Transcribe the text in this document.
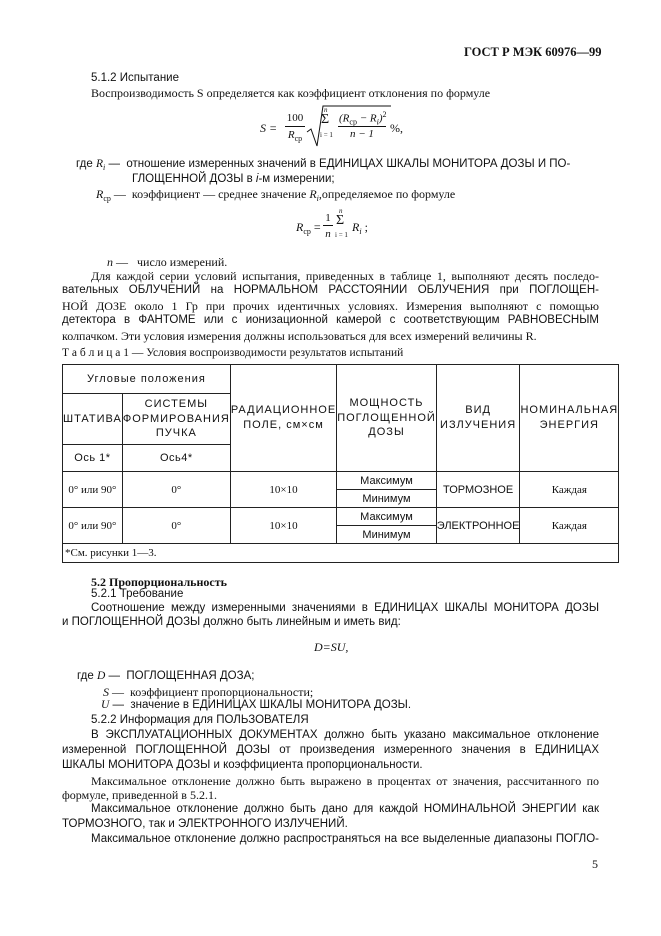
ГОСТ Р МЭК 60976—99
5.1.2 Испытание
Воспроизводимость S определяется как коэффициент отклонения по формуле
S =
100
$R_{ср}$
n
Σ
i = 1
$(R_{ср} - R_i)^2$
n − 1 %,
где $R_i$ —  отношение измеренных значений в ЕДИНИЦАХ ШКАЛЫ МОНИТОРА ДОЗЫ И ПО-
ГЛОЩЕННОЙ ДОЗЫ в i-м измерении;
$R_{ср}$ —  коэффициент — среднее значение $R_i,определяемое$ по формуле
$R_{ср}$ =
1
n
n
Σ
i = 1
$R_i$ ;
n —   число измерений.
Для каждой серии условий испытания, приведенных в таблице 1, выполняют десять последо-
вательных ОБЛУЧЕНИЙ на НОРМАЛЬНОМ РАССТОЯНИИ ОБЛУЧЕНИЯ при ПОГЛОЩЕН-
НОЙ ДОЗЕ около 1 Гр при прочих идентичных условиях. Измерения выполняют с помощью
детектора в ФАНТОМЕ или с ионизационной камерой с соответствующим РАВНОВЕСНЫМ
колпачком. Эти условия измерения должны использоваться для всех измерений величины R.
Т а б л и ц а 1 — Условия воспроизводимости результатов испытаний
Угловые положения		РАДИАЦИОННОЕ ПОЛЕ, см×см	МОЩНОСТЬ ПОГЛОЩЕННОЙ ДОЗЫ	ВИД ИЗЛУЧЕНИЯ	НОМИНАЛЬНАЯ ЭНЕРГИЯ
ШТАТИВА	СИСТЕМЫ ФОРМИРОВАНИЯ ПУЧКА				
Ось 1*	Ось4*				
0° или 90°	0°	10×10	Максимум	ТОРМОЗНОЕ	Каждая
			Минимум		
0° или 90°	0°	10×10	Максимум	ЭЛЕКТРОННОЕ	Каждая
			Минимум		
*См. рисунки 1—3.					
5.2 Пропорциональность
5.2.1 Требование
Соотношение между измеренными значениями в ЕДИНИЦАХ ШКАЛЫ МОНИТОРА ДОЗЫ
и ПОГЛОЩЕННОЙ ДОЗЫ должно быть линейным и иметь вид:
D=SU,
где D —  ПОГЛОЩЕННАЯ ДОЗА;
S —  коэффициент пропорциональности;
U —  значение в ЕДИНИЦАХ ШКАЛЫ МОНИТОРА ДОЗЫ.
5.2.2 Информация для ПОЛЬЗОВАТЕЛЯ
В ЭКСПЛУАТАЦИОННЫХ ДОКУМЕНТАХ должно быть указано максимальное отклонение
измеренной ПОГЛОЩЕННОЙ ДОЗЫ от произведения измеренного значения в ЕДИНИЦАХ
ШКАЛЫ МОНИТОРА ДОЗЫ и коэффициента пропорциональности.
Максимальное отклонение должно быть выражено в процентах от значения, рассчитанного по
формуле, приведенной в 5.2.1.
Максимальное отклонение должно быть дано для каждой НОМИНАЛЬНОЙ ЭНЕРГИИ как
ТОРМОЗНОГО, так и ЭЛЕКТРОННОГО ИЗЛУЧЕНИЙ.
Максимальное отклонение должно распространяться на все выделенные диапазоны ПОГЛО-
5
